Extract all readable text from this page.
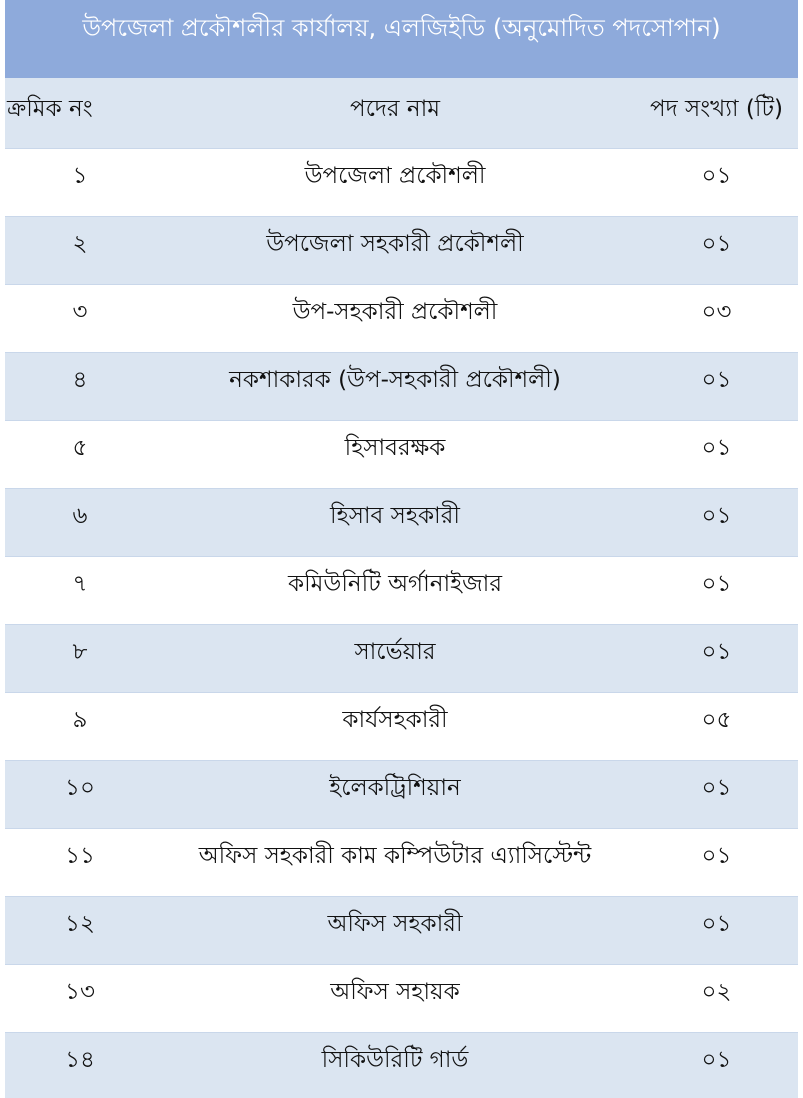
উপজেলা প্রকৌশলীর কার্যালয়, এলজিইডি (অনুমোদিত পদসোপান)
ক্রমিক নং	পদের নাম	পদ সংখ্যা (টি)
১	উপজেলা প্রকৌশলী	০১
২	উপজেলা সহকারী প্রকৌশলী	০১
৩	উপ-সহকারী প্রকৌশলী	০৩
৪	নকশাকারক (উপ-সহকারী প্রকৌশলী)	০১
৫	হিসাবরক্ষক	০১
৬	হিসাব সহকারী	০১
৭	কমিউনিটি অর্গানাইজার	০১
৮	সার্ভেয়ার	০১
৯	কার্যসহকারী	০৫
১০	ইলেকট্রিশিয়ান	০১
১১	অফিস সহকারী কাম কম্পিউটার এ্যাসিস্টেন্ট	০১
১২	অফিস সহকারী	০১
১৩	অফিস সহায়ক	০২
১৪	সিকিউরিটি গার্ড	০১
